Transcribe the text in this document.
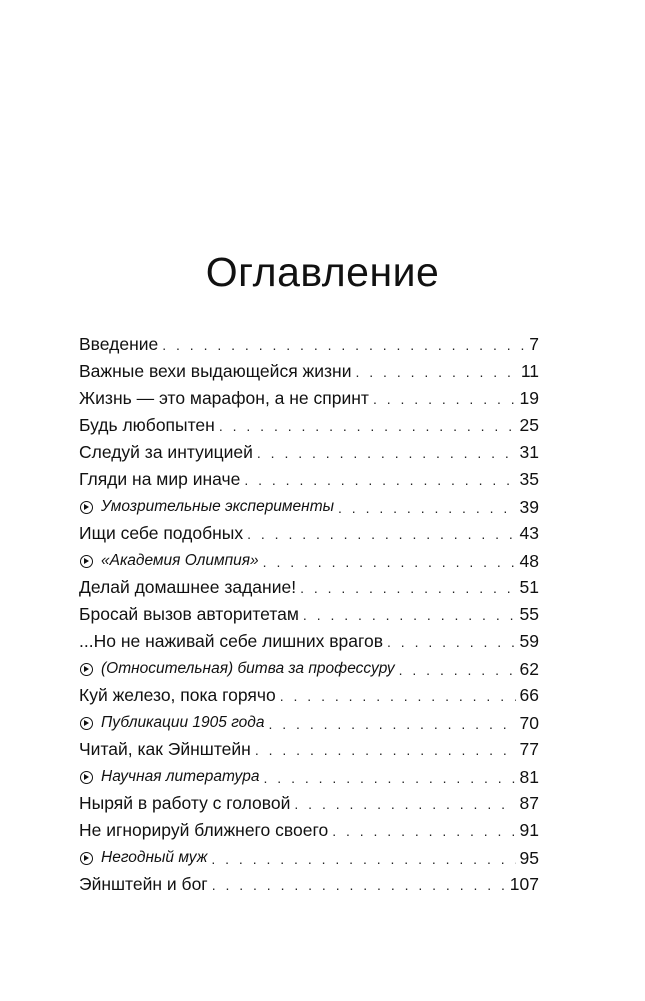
Оглавление
Введение . . .	7
Важные вехи выдающейся жизни . . .	11
Жизнь — это марафон, а не спринт . . .	19
Будь любопытен . . .	25
Следуй за интуицией . . .	31
Гляди на мир иначе . . .	35
Умозрительные эксперименты . . .	39
Ищи себе подобных . . .	43
«Академия Олимпия» . . .	48
Делай домашнее задание! . . .	51
Бросай вызов авторитетам . . .	55
...Но не наживай себе лишних врагов . . .	59
(Относительная) битва за профессуру . . .	62
Куй железо, пока горячо . . .	66
Публикации 1905 года . . .	70
Читай, как Эйнштейн . . .	77
Научная литература . . .	81
Ныряй в работу с головой . . .	87
Не игнорируй ближнего своего . . .	91
Негодный муж . . .	95
Эйнштейн и бог . . .	107
